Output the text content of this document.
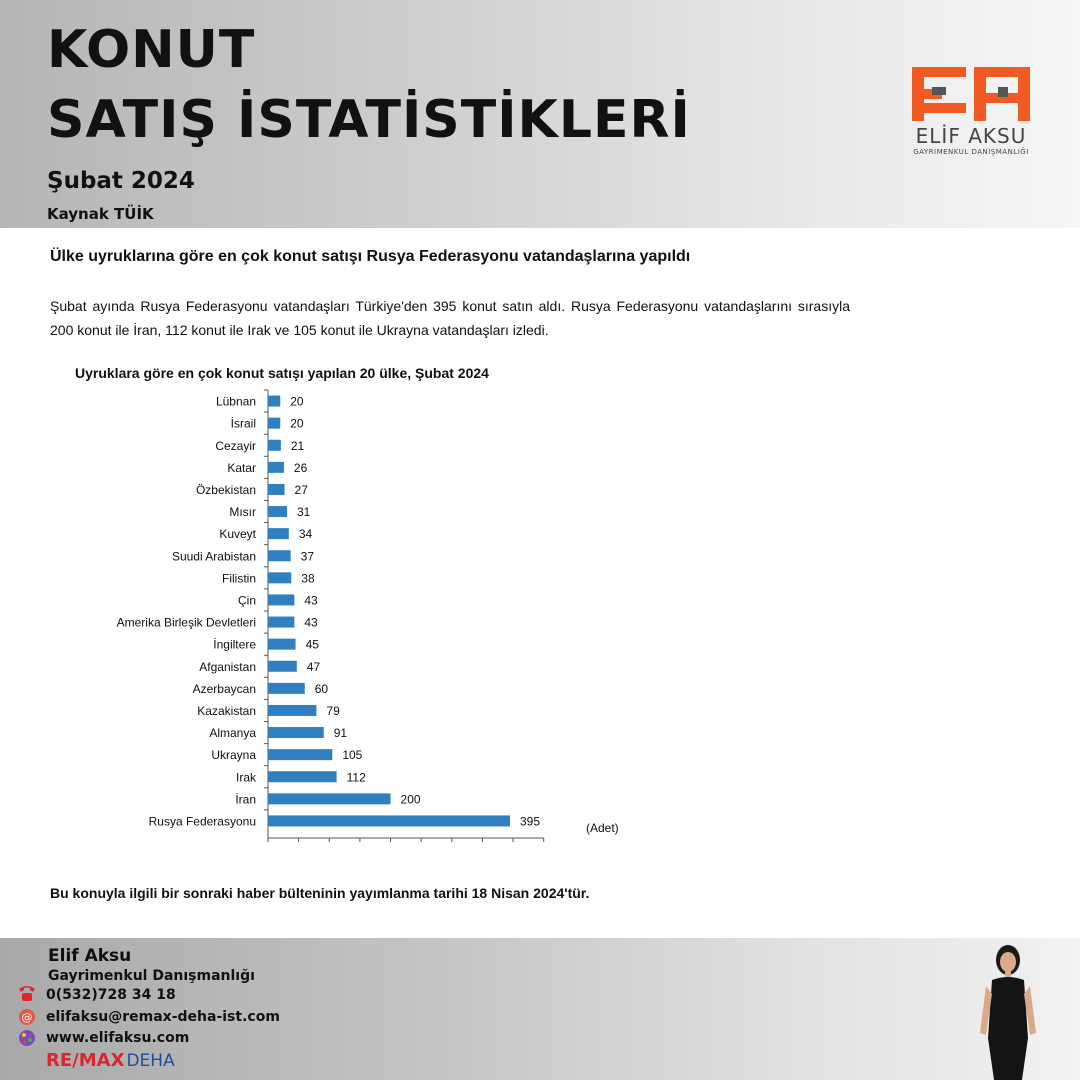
KONUT
SATIŞ İSTATİSTİKLERİ
Şubat 2024
Kaynak TÜİK
ELİF AKSU
GAYRIMENKUL DANIŞMANLIĞI
Ülke uyruklarına göre en çok konut satışı Rusya Federasyonu vatandaşlarına yapıldı
Şubat ayında Rusya Federasyonu vatandaşları Türkiye'den 395 konut satın aldı. Rusya Federasyonu vatandaşlarını sırasıyla 200 konut ile İran, 112 konut ile Irak ve 105 konut ile Ukrayna vatandaşları izledi.
Uyruklara göre en çok konut satışı yapılan 20 ülke, Şubat 2024
Lübnan	20
İsrail	20
Cezayir	21
Katar	26
Özbekistan	27
Mısır	31
Kuveyt	34
Suudi Arabistan	37
Filistin	38
Çin	43
Amerika Birleşik Devletleri	43
İngiltere	45
Afganistan	47
Azerbaycan	60
Kazakistan	79
Almanya	91
Ukrayna	105
Irak	112
İran	200
Rusya Federasyonu	395	(Adet)
Bu konuyla ilgili bir sonraki haber bülteninin yayımlanma tarihi 18 Nisan 2024'tür.
Elif Aksu
Gayrimenkul Danışmanlığı
0(532)728 34 18
@ elifaksu@remax-deha-ist.com
www.elifaksu.com
RE/MAX DEHA
